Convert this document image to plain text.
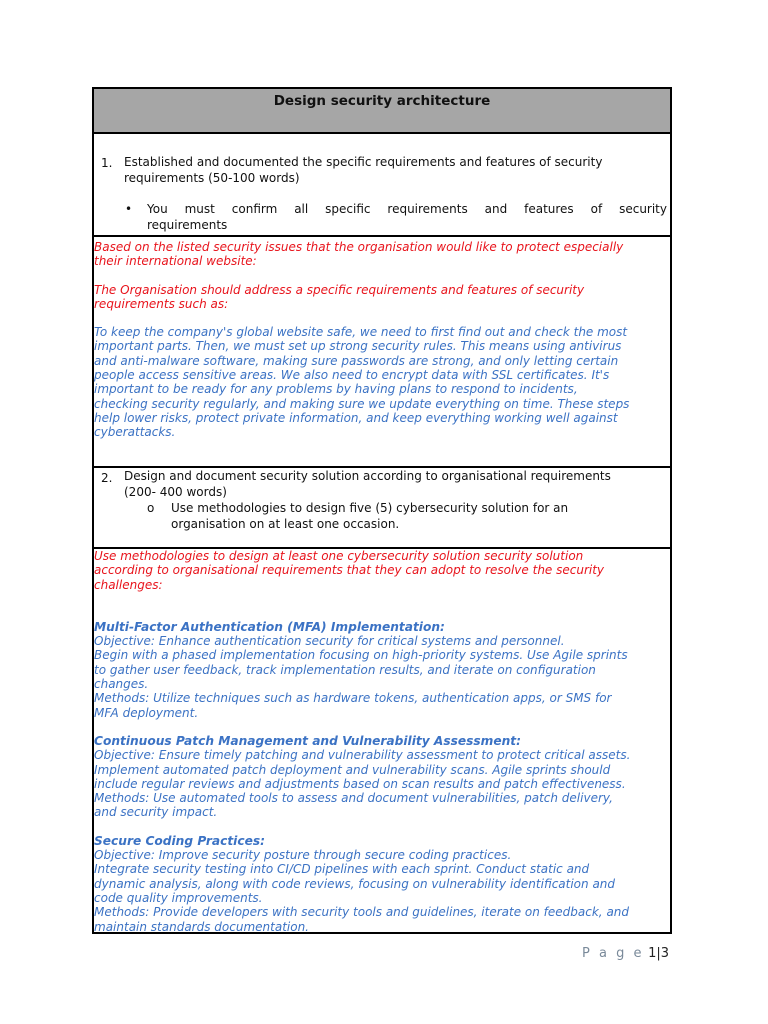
Design security architecture
1. Established and documented the specific requirements and features of security
requirements (50-100 words)
• You must confirm all specific requirements and features of security
requirements
Based on the listed security issues that the organisation would like to protect especially
their international website:
The Organisation should address a specific requirements and features of security
requirements such as:
To keep the company's global website safe, we need to first find out and check the most
important parts. Then, we must set up strong security rules. This means using antivirus
and anti-malware software, making sure passwords are strong, and only letting certain
people access sensitive areas. We also need to encrypt data with SSL certificates. It's
important to be ready for any problems by having plans to respond to incidents,
checking security regularly, and making sure we update everything on time. These steps
help lower risks, protect private information, and keep everything working well against
cyberattacks.
2. Design and document security solution according to organisational requirements
(200- 400 words)
o Use methodologies to design five (5) cybersecurity solution for an
organisation on at least one occasion.
Use methodologies to design at least one cybersecurity solution security solution
according to organisational requirements that they can adopt to resolve the security
challenges:
Multi-Factor Authentication (MFA) Implementation:
Objective: Enhance authentication security for critical systems and personnel.
Begin with a phased implementation focusing on high-priority systems. Use Agile sprints
to gather user feedback, track implementation results, and iterate on configuration
changes.
Methods: Utilize techniques such as hardware tokens, authentication apps, or SMS for
MFA deployment.
Continuous Patch Management and Vulnerability Assessment:
Objective: Ensure timely patching and vulnerability assessment to protect critical assets.
Implement automated patch deployment and vulnerability scans. Agile sprints should
include regular reviews and adjustments based on scan results and patch effectiveness.
Methods: Use automated tools to assess and document vulnerabilities, patch delivery,
and security impact.
Secure Coding Practices:
Objective: Improve security posture through secure coding practices.
Integrate security testing into CI/CD pipelines with each sprint. Conduct static and
dynamic analysis, along with code reviews, focusing on vulnerability identification and
code quality improvements.
Methods: Provide developers with security tools and guidelines, iterate on feedback, and
maintain standards documentation.
P a g e 1|3
